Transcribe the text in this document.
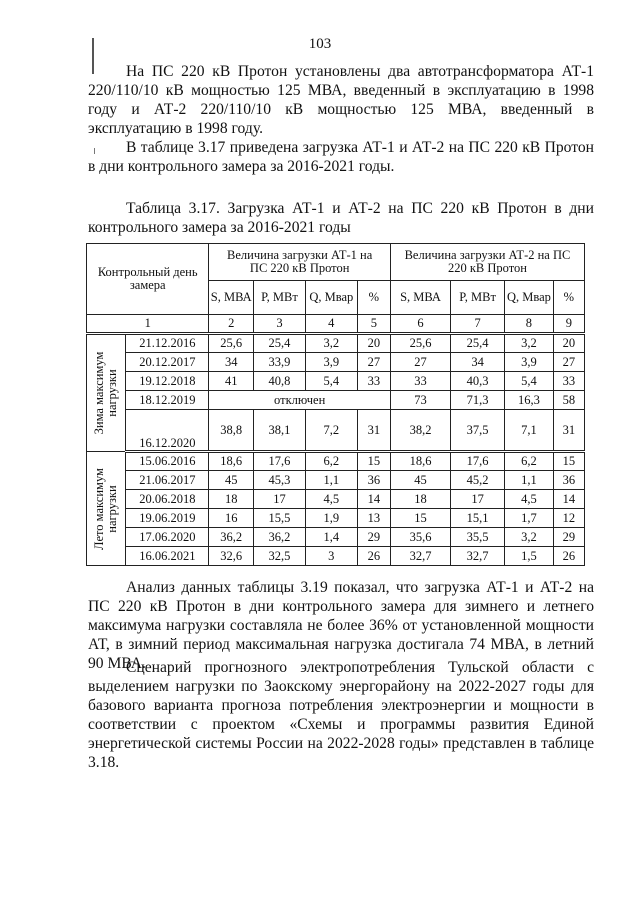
103

На ПС 220 кВ Протон установлены два автотрансформатора АТ-1 220/110/10 кВ мощностью 125 МВА, введенный в эксплуатацию в 1998 году и АТ-2 220/110/10 кВ мощностью 125 МВА, введенный в эксплуатацию в 1998 году.

В таблице 3.17 приведена загрузка АТ-1 и АТ-2 на ПС 220 кВ Протон в дни контрольного замера за 2016-2021 годы.

Таблица 3.17. Загрузка АТ-1 и АТ-2 на ПС 220 кВ Протон в дни контрольного замера за 2016-2021 годы
Контрольный день замера		Величина загрузки АТ-1 на ПС 220 кВ Протон				Величина загрузки АТ-2 на ПС 220 кВ Протон			
		S, МВА	P, МВт	Q, Мвар	%	S, МВА	P, МВт	Q, Мвар	%
1		2	3	4	5	6	7	8	9

Зима максимум нагрузки	21.12.2016	25,6	25,4	3,2	20	25,6	25,4	3,2	20
	20.12.2017	34	33,9	3,9	27	27	34	3,9	27
	19.12.2018	41	40,8	5,4	33	33	40,3	5,4	33
	18.12.2019	отключен				73	71,3	16,3	58
	16.12.2020	38,8	38,1	7,2	31	38,2	37,5	7,1	31

Лето максимум нагрузки	15.06.2016	18,6	17,6	6,2	15	18,6	17,6	6,2	15
	21.06.2017	45	45,3	1,1	36	45	45,2	1,1	36
	20.06.2018	18	17	4,5	14	18	17	4,5	14
	19.06.2019	16	15,5	1,9	13	15	15,1	1,7	12
	17.06.2020	36,2	36,2	1,4	29	35,6	35,5	3,2	29
	16.06.2021	32,6	32,5	3	26	32,7	32,7	1,5	26

Анализ данных таблицы 3.19 показал, что загрузка АТ-1 и АТ-2 на ПС 220 кВ Протон в дни контрольного замера для зимнего и летнего максимума нагрузки составляла не более 36% от установленной мощности АТ, в зимний период максимальная нагрузка достигала 74 МВА, в летний 90 МВА.

Сценарий прогнозного электропотребления Тульской области с выделением нагрузки по Заокскому энергорайону на 2022-2027 годы для базового варианта прогноза потребления электроэнергии и мощности в соответствии с проектом «Схемы и программы развития Единой энергетической системы России на 2022-2028 годы» представлен в таблице 3.18.
